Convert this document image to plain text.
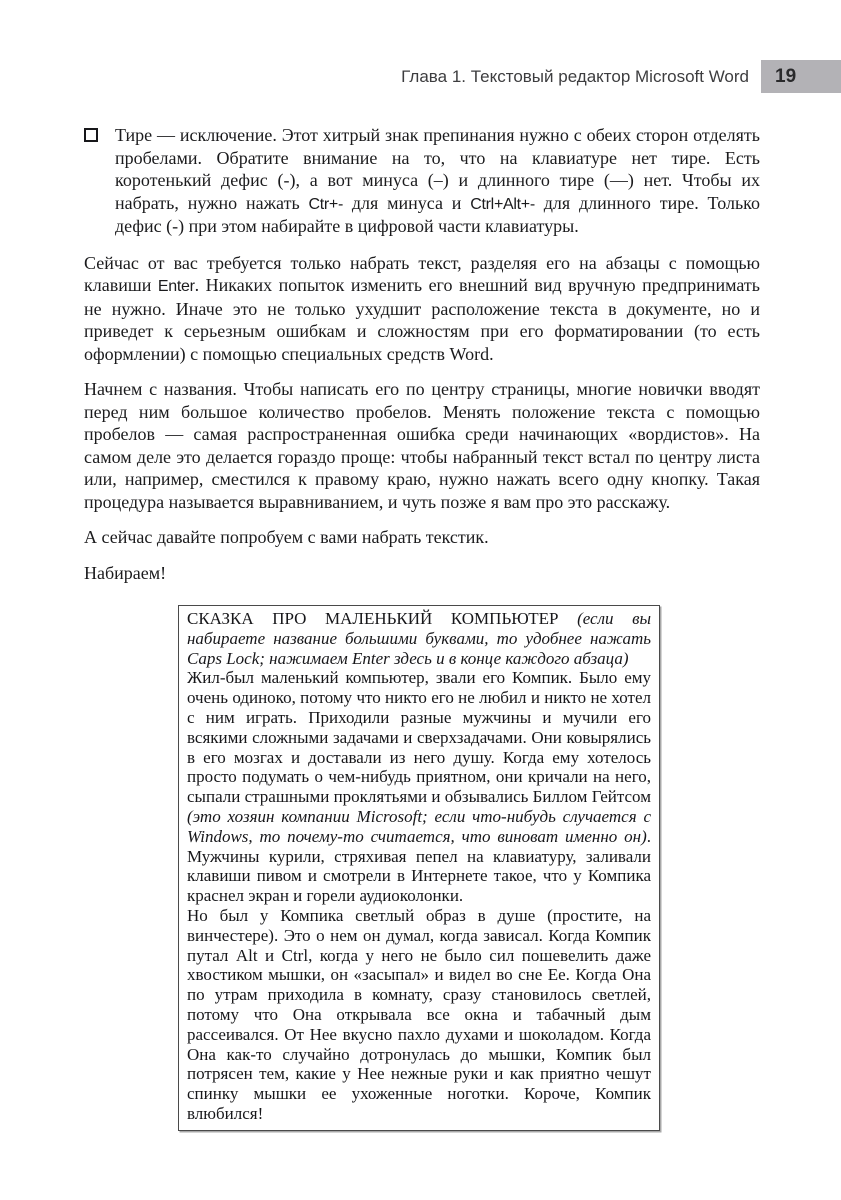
Глава 1. Текстовый редактор Microsoft Word 19

Тире — исключение. Этот хитрый знак препинания нужно с обеих сторон отделять пробелами. Обратите внимание на то, что на клавиатуре нет тире. Есть коротенький дефис (-), а вот минуса (–) и длинного тире (—) нет. Чтобы их набрать, нужно нажать Ctr+- для минуса и Ctrl+Alt+- для длинного тире. Только дефис (-) при этом набирайте в цифровой части клавиатуры.

Сейчас от вас требуется только набрать текст, разделяя его на абзацы с помощью клавиши Enter. Никаких попыток изменить его внешний вид вручную предпринимать не нужно. Иначе это не только ухудшит расположение текста в документе, но и приведет к серьезным ошибкам и сложностям при его форматировании (то есть оформлении) с помощью специальных средств Word.

Начнем с названия. Чтобы написать его по центру страницы, многие новички вводят перед ним большое количество пробелов. Менять положение текста с помощью пробелов — самая распространенная ошибка среди начинающих «вордистов». На самом деле это делается гораздо проще: чтобы набранный текст встал по центру листа или, например, сместился к правому краю, нужно нажать всего одну кнопку. Такая процедура называется выравниванием, и чуть позже я вам про это расскажу.

А сейчас давайте попробуем с вами набрать текстик.

Набираем!

СКАЗКА ПРО МАЛЕНЬКИЙ КОМПЬЮТЕР (если вы набираете название большими буквами, то удобнее нажать Caps Lock; нажимаем Enter здесь и в конце каждого абзаца)

Жил-был маленький компьютер, звали его Компик. Было ему очень одиноко, потому что никто его не любил и никто не хотел с ним играть. Приходили разные мужчины и мучили его всякими сложными задачами и сверхзадачами. Они ковырялись в его мозгах и доставали из него душу. Когда ему хотелось просто подумать о чем-нибудь приятном, они кричали на него, сыпали страшными проклятьями и обзывались Биллом Гейтсом (это хозяин компании Microsoft; если что-нибудь случается с Windows, то почему-то считается, что виноват именно он). Мужчины курили, стряхивая пепел на клавиатуру, заливали клавиши пивом и смотрели в Интернете такое, что у Компика краснел экран и горели аудиоколонки.

Но был у Компика светлый образ в душе (простите, на винчестере). Это о нем он думал, когда зависал. Когда Компик путал Alt и Ctrl, когда у него не было сил пошевелить даже хвостиком мышки, он «засыпал» и видел во сне Ее. Когда Она по утрам приходила в комнату, сразу становилось светлей, потому что Она открывала все окна и табачный дым рассеивался. От Нее вкусно пахло духами и шоколадом. Когда Она как-то случайно дотронулась до мышки, Компик был потрясен тем, какие у Нее нежные руки и как приятно чешут спинку мышки ее ухоженные ноготки. Короче, Компик влюбился!
